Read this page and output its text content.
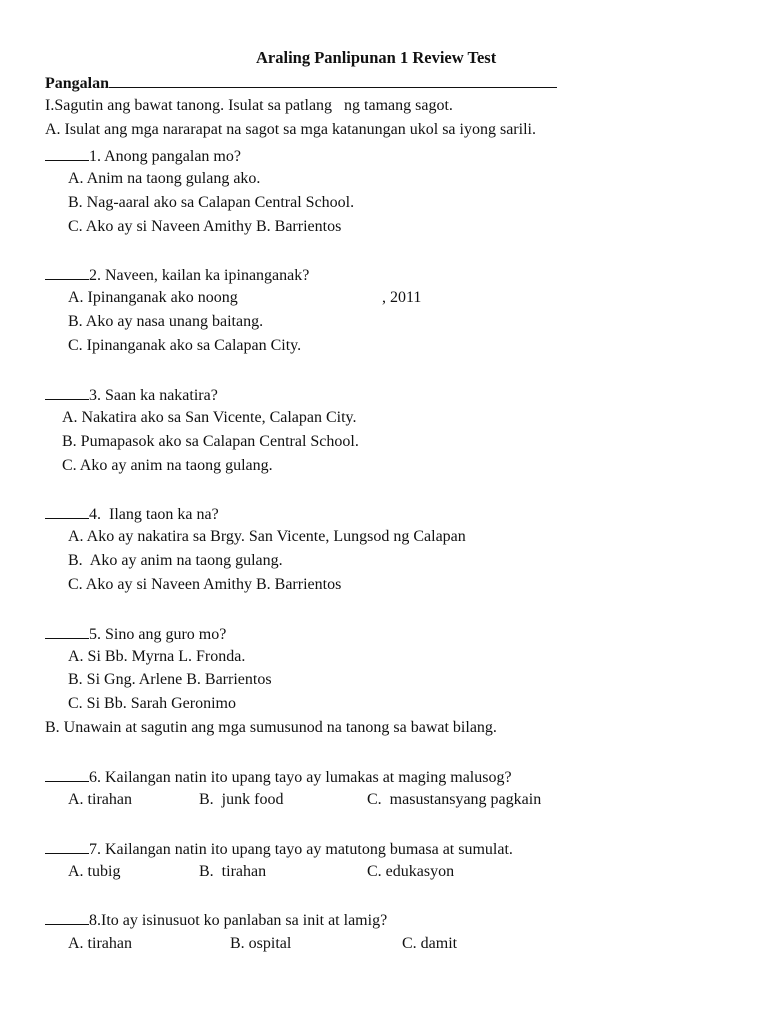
Araling Panlipunan 1 Review Test
Pangalan
I.Sagutin ang bawat tanong. Isulat sa patlang   ng tamang sagot.
A. Isulat ang mga nararapat na sagot sa mga katanungan ukol sa iyong sarili.
1. Anong pangalan mo?
A. Anim na taong gulang ako.
B. Nag-aaral ako sa Calapan Central School.
C. Ako ay si Naveen Amithy B. Barrientos
2. Naveen, kailan ka ipinanganak?
A. Ipinanganak ako noong	, 2011
B. Ako ay nasa unang baitang.
C. Ipinanganak ako sa Calapan City.
3. Saan ka nakatira?
A. Nakatira ako sa San Vicente, Calapan City.
B. Pumapasok ako sa Calapan Central School.
C. Ako ay anim na taong gulang.
4.  Ilang taon ka na?
A. Ako ay nakatira sa Brgy. San Vicente, Lungsod ng Calapan
B.  Ako ay anim na taong gulang.
C. Ako ay si Naveen Amithy B. Barrientos
5. Sino ang guro mo?
A. Si Bb. Myrna L. Fronda.
B. Si Gng. Arlene B. Barrientos
C. Si Bb. Sarah Geronimo
B. Unawain at sagutin ang mga sumusunod na tanong sa bawat bilang.
6. Kailangan natin ito upang tayo ay lumakas at maging malusog?
A. tirahan	B.  junk food	C.  masustansyang pagkain
7. Kailangan natin ito upang tayo ay matutong bumasa at sumulat.
A. tubig	B.  tirahan	C. edukasyon
8.Ito ay isinusuot ko panlaban sa init at lamig?
A. tirahan	B. ospital	C. damit
